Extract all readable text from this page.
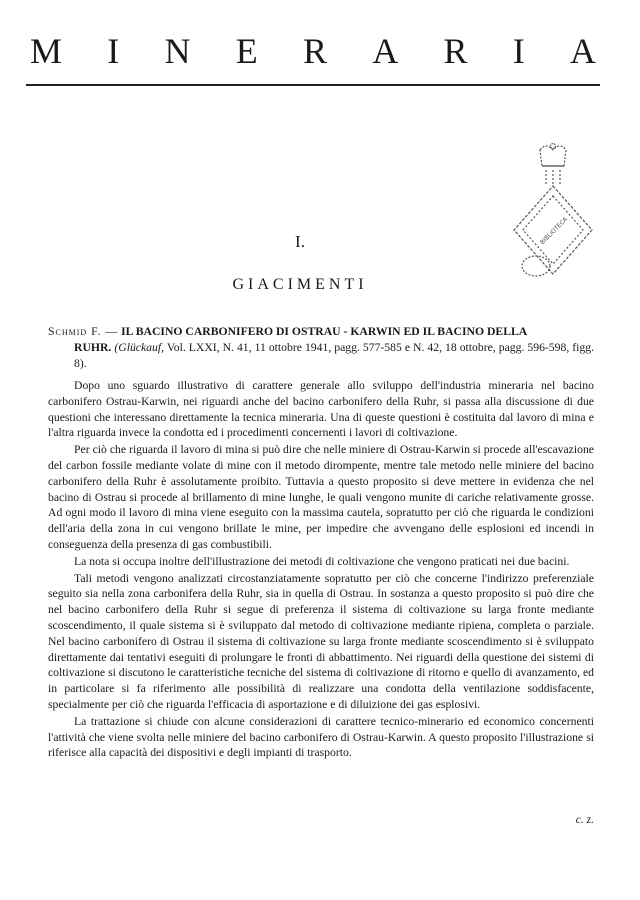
M I N E R A R I A
BIBLIOTECA
I.
GIACIMENTI
Schmid F. — IL BACINO CARBONIFERO DI OSTRAU - KARWIN ED IL BACINO DELLA
RUHR. (Glückauf, Vol. LXXI, N. 41, 11 ottobre 1941, pagg. 577-585 e N. 42, 18 ottobre, pagg. 596-598, figg. 8).

Dopo uno sguardo illustrativo di carattere generale allo sviluppo dell'industria mineraria nel bacino carbonifero Ostrau-Karwin, nei riguardi anche del bacino carbonifero della Ruhr, si passa alla discussione di due questioni che interessano direttamente la tecnica mineraria. Una di queste questioni è costituita dal lavoro di mina e l'altra riguarda invece la condotta ed i procedimenti concernenti i lavori di coltivazione.

Per ciò che riguarda il lavoro di mina si può dire che nelle miniere di Ostrau-Karwin si procede all'escavazione del carbon fossile mediante volate di mine con il metodo dirompente, mentre tale metodo nelle miniere del bacino carbonifero della Ruhr è assolutamente proibito. Tuttavia a questo proposito si deve mettere in evidenza che nel bacino di Ostrau si procede al brillamento di mine lunghe, le quali vengono munite di cariche relativamente grosse. Ad ogni modo il lavoro di mina viene eseguito con la massima cautela, sopratutto per ciò che riguarda le condizioni dell'aria della zona in cui vengono brillate le mine, per impedire che avvengano delle esplosioni ed incendi in conseguenza della presenza di gas combustibili.

La nota si occupa inoltre dell'illustrazione dei metodi di coltivazione che vengono praticati nei due bacini.

Tali metodi vengono analizzati circostanziatamente sopratutto per ciò che concerne l'indirizzo preferenziale seguito sia nella zona carbonifera della Ruhr, sia in quella di Ostrau. In sostanza a questo proposito si può dire che nel bacino carbonifero della Ruhr si segue di preferenza il sistema di coltivazione su larga fronte mediante scoscendimento, il quale sistema si è sviluppato dal metodo di coltivazione mediante ripiena, completa o parziale. Nel bacino carbonifero di Ostrau il sistema di coltivazione su larga fronte mediante scoscendimento si è sviluppato direttamente dai tentativi eseguiti di prolungare le fronti di abbattimento. Nei riguardi della questione dei sistemi di coltivazione si discutono le caratteristiche tecniche del sistema di coltivazione di ritorno e quello di avanzamento, ed in particolare si fa riferimento alle possibilità di realizzare una condotta della ventilazione soddisfacente, specialmente per ciò che riguarda l'efficacia di asportazione e di diluizione dei gas esplosivi.

La trattazione si chiude con alcune considerazioni di carattere tecnico-minerario ed economico concernenti l'attività che viene svolta nelle miniere del bacino carbonifero di Ostrau-Karwin. A questo proposito l'illustrazione si riferisce alla capacità dei dispositivi e degli impianti di trasporto.

c. z.
